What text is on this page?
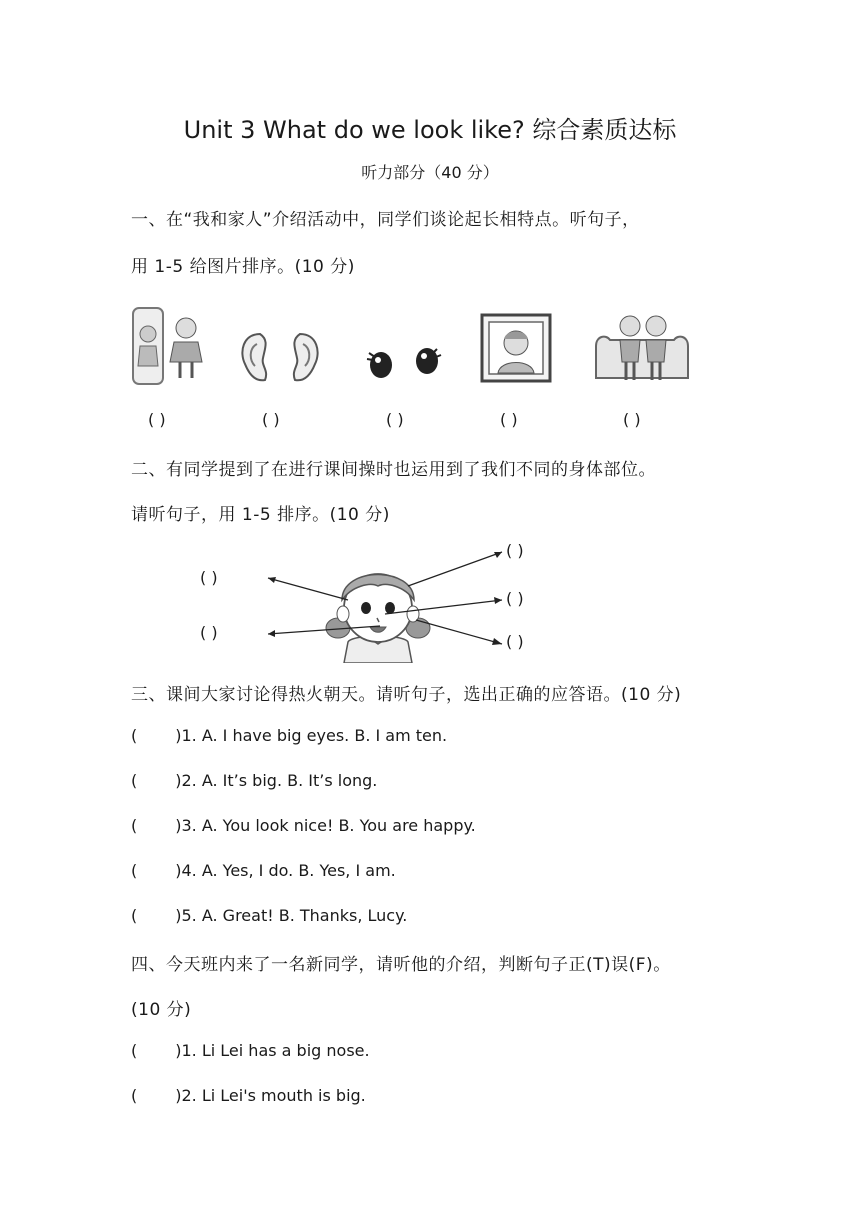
Unit 3 What do we look like? 综合素质达标
听力部分（40 分）
一、在“我和家人”介绍活动中，同学们谈论起长相特点。听句子，
用 1-5 给图片排序。(10 分)
( )	( )	( )	( )	( )
二、有同学提到了在进行课间操时也运用到了我们不同的身体部位。
请听句子，用 1-5 排序。(10 分)
( )
( )
( )
( )
( )
三、课间大家讨论得热火朝天。请听句子，选出正确的应答语。(10 分)
( )1. A. I have big eyes. B. I am ten.
( )2. A. It’s big. B. It’s long.
( )3. A. You look nice! B. You are happy.
( )4. A. Yes, I do. B. Yes, I am.
( )5. A. Great! B. Thanks, Lucy.
四、今天班内来了一名新同学，请听他的介绍，判断句子正(T)误(F)。
(10 分)
( )1. Li Lei has a big nose.
( )2. Li Lei's mouth is big.
